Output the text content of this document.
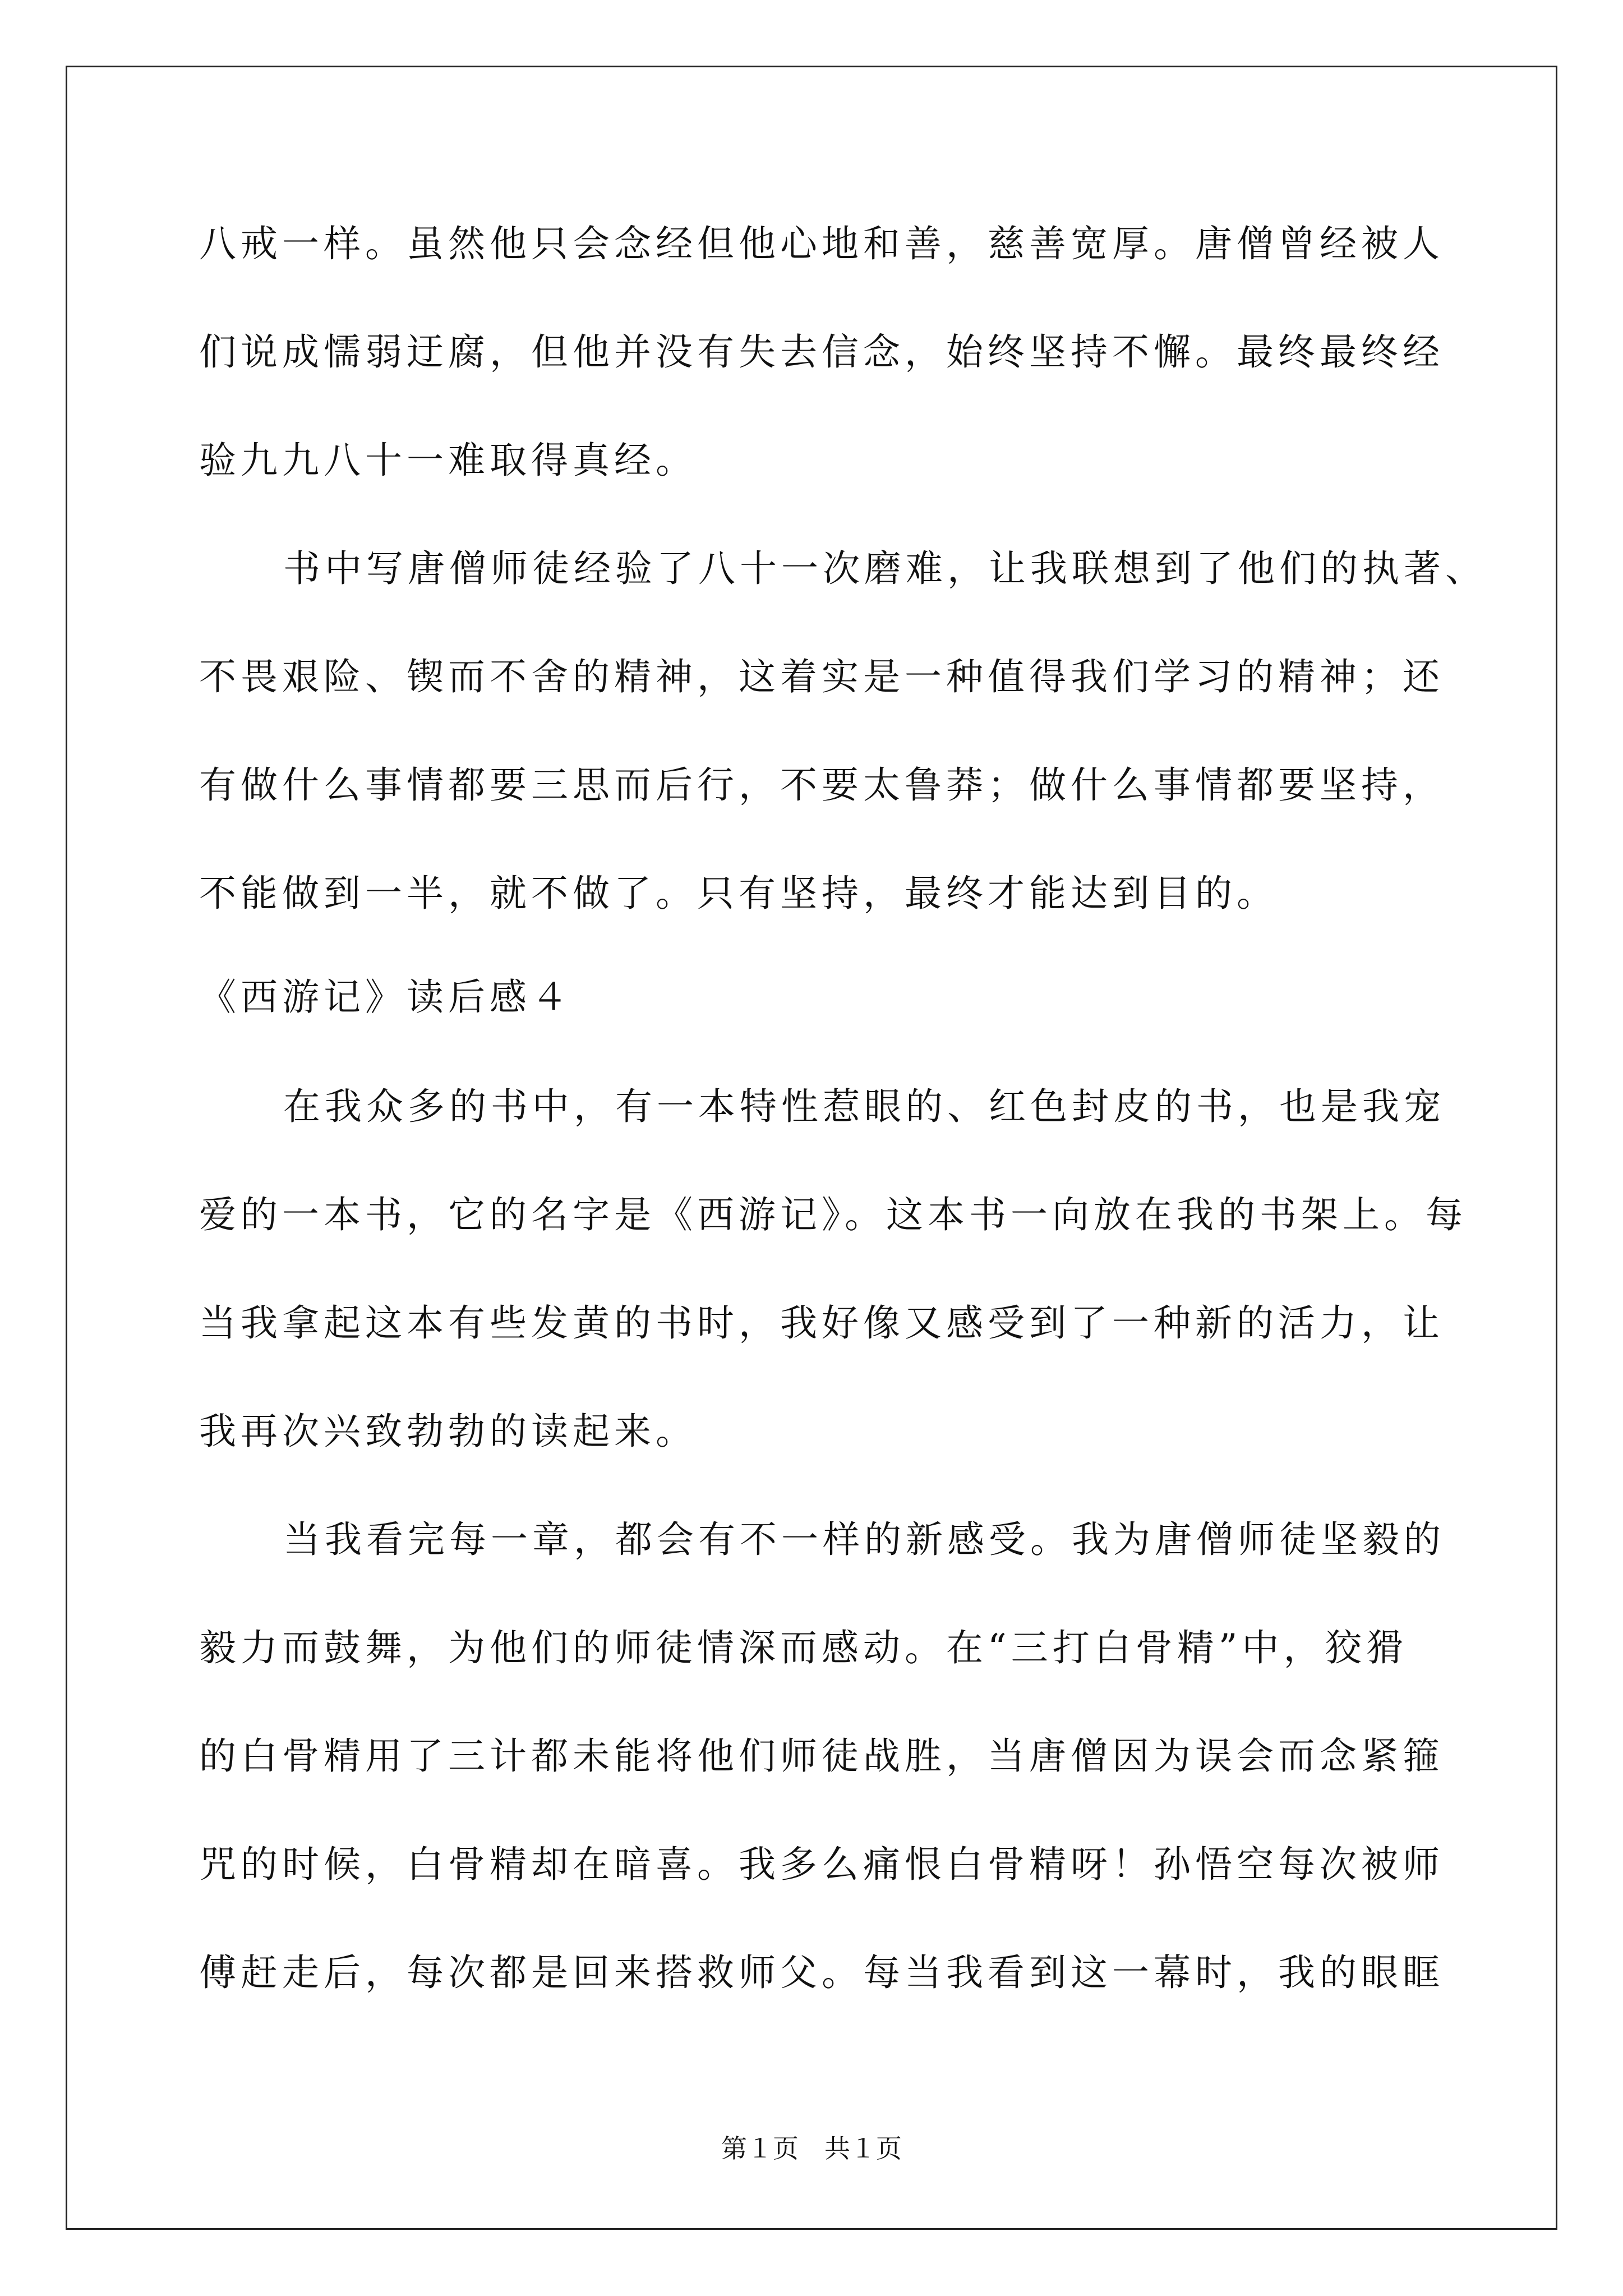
八戒一样。虽然他只会念经但他心地和善，慈善宽厚。唐僧曾经被人
们说成懦弱迂腐，但他并没有失去信念，始终坚持不懈。最终最终经
验九九八十一难取得真经。
书中写唐僧师徒经验了八十一次磨难，让我联想到了他们的执著、
不畏艰险、锲而不舍的精神，这着实是一种值得我们学习的精神；还
有做什么事情都要三思而后行，不要太鲁莽；做什么事情都要坚持，
不能做到一半，就不做了。只有坚持，最终才能达到目的。
《西游记》读后感４
在我众多的书中，有一本特性惹眼的、红色封皮的书，也是我宠
爱的一本书，它的名字是《西游记》。这本书一向放在我的书架上。每
当我拿起这本有些发黄的书时，我好像又感受到了一种新的活力，让
我再次兴致勃勃的读起来。
当我看完每一章，都会有不一样的新感受。我为唐僧师徒坚毅的
毅力而鼓舞，为他们的师徒情深而感动。在“三打白骨精”中，狡猾
的白骨精用了三计都未能将他们师徒战胜，当唐僧因为误会而念紧箍
咒的时候，白骨精却在暗喜。我多么痛恨白骨精呀！孙悟空每次被师
傅赶走后，每次都是回来搭救师父。每当我看到这一幕时，我的眼眶
第１页　共１页
